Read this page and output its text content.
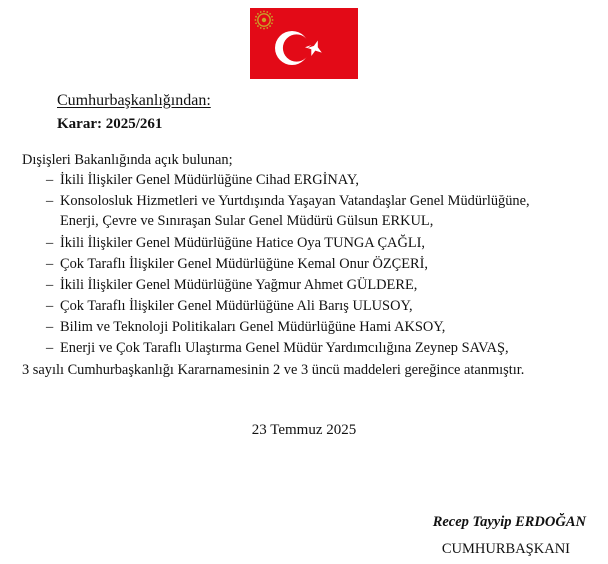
Cumhurbaşkanlığından:
Karar: 2025/261
Dışişleri Bakanlığında açık bulunan;
– İkili İlişkiler Genel Müdürlüğüne Cihad ERGİNAY,
– Konsolosluk Hizmetleri ve Yurtdışında Yaşayan Vatandaşlar Genel Müdürlüğüne,
Enerji, Çevre ve Sınıraşan Sular Genel Müdürü Gülsun ERKUL,
– İkili İlişkiler Genel Müdürlüğüne Hatice Oya TUNGA ÇAĞLI,
– Çok Taraflı İlişkiler Genel Müdürlüğüne Kemal Onur ÖZÇERİ,
– İkili İlişkiler Genel Müdürlüğüne Yağmur Ahmet GÜLDERE,
– Çok Taraflı İlişkiler Genel Müdürlüğüne Ali Barış ULUSOY,
– Bilim ve Teknoloji Politikaları Genel Müdürlüğüne Hami AKSOY,
– Enerji ve Çok Taraflı Ulaştırma Genel Müdür Yardımcılığına Zeynep SAVAŞ,
3 sayılı Cumhurbaşkanlığı Kararnamesinin 2 ve 3 üncü maddeleri gereğince atanmıştır.
23 Temmuz 2025
Recep Tayyip ERDOĞAN
CUMHURBAŞKANI
